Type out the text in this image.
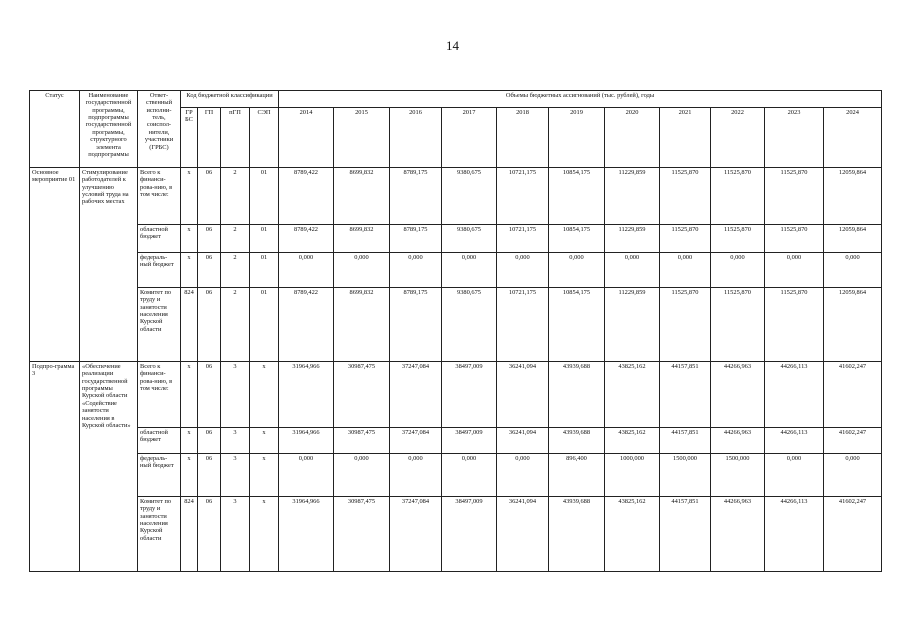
14
Статус	Наименование государственной программы, подпрограммы государственной программы, структурного элемента подпрограммы	Ответ-ственный исполни-тель, соиспол-нители, участники (ГРБС)	Код бюджетной классификации				Объемы бюджетных ассигнований (тыс. рублей), годы										
			ГР БС	ГП	пГП	СЭП	2014	2015	2016	2017	2018	2019	2020	2021	2022	2023	2024
Основное мероприятие 01	Стимулирование работодателей к улучшению условий труда на рабочих местах	Всего к финанси-рова-нию, в том числе:	х	06	2	01	8789,422	8699,832	8789,175	9380,675	10721,175	10854,175	11229,859	11525,870	11525,870	11525,870	12059,864
		областной бюджет	х	06	2	01	8789,422	8699,832	8789,175	9380,675	10721,175	10854,175	11229,859	11525,870	11525,870	11525,870	12059,864
		федераль-ный бюджет	х	06	2	01	0,000	0,000	0,000	0,000	0,000	0,000	0,000	0,000	0,000	0,000	0,000
		Комитет по труду и занятости населения Курской области	824	06	2	01	8789,422	8699,832	8789,175	9380,675	10721,175	10854,175	11229,859	11525,870	11525,870	11525,870	12059,864
Подпро-грамма 3	«Обеспечение реализации государственной программы Курской области «Содействие занятости населения в Курской области»	Всего к финанси-рова-нию, в том числе:	х	06	3	х	31964,966	30987,475	37247,084	38497,009	36241,094	43939,688	43825,162	44157,851	44266,963	44266,113	41602,247
		областной бюджет	х	06	3	х	31964,966	30987,475	37247,084	38497,009	36241,094	43939,688	43825,162	44157,851	44266,963	44266,113	41602,247
		федераль-ный бюджет	х	06	3	х	0,000	0,000	0,000	0,000	0,000	896,400	1000,000	1500,000	1500,000	0,000	0,000
		Комитет по труду и занятости населения Курской области	824	06	3	х	31964,966	30987,475	37247,084	38497,009	36241,094	43939,688	43825,162	44157,851	44266,963	44266,113	41602,247
